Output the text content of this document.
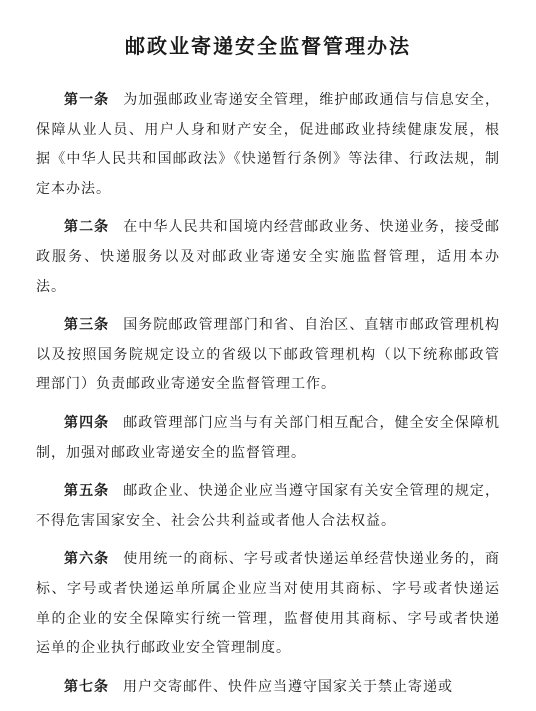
邮政业寄递安全监督管理办法

第一条 为加强邮政业寄递安全管理，维护邮政通信与信息安全，保障从业人员、用户人身和财产安全，促进邮政业持续健康发展，根据《中华人民共和国邮政法》《快递暂行条例》等法律、行政法规，制定本办法。

第二条 在中华人民共和国境内经营邮政业务、快递业务，接受邮政服务、快递服务以及对邮政业寄递安全实施监督管理，适用本办法。

第三条 国务院邮政管理部门和省、自治区、直辖市邮政管理机构以及按照国务院规定设立的省级以下邮政管理机构（以下统称邮政管理部门）负责邮政业寄递安全监督管理工作。

第四条 邮政管理部门应当与有关部门相互配合，健全安全保障机制，加强对邮政业寄递安全的监督管理。

第五条 邮政企业、快递企业应当遵守国家有关安全管理的规定，不得危害国家安全、社会公共利益或者他人合法权益。

第六条 使用统一的商标、字号或者快递运单经营快递业务的，商标、字号或者快递运单所属企业应当对使用其商标、字号或者快递运单的企业的安全保障实行统一管理，监督使用其商标、字号或者快递运单的企业执行邮政业安全管理制度。

第七条 用户交寄邮件、快件应当遵守国家关于禁止寄递或
